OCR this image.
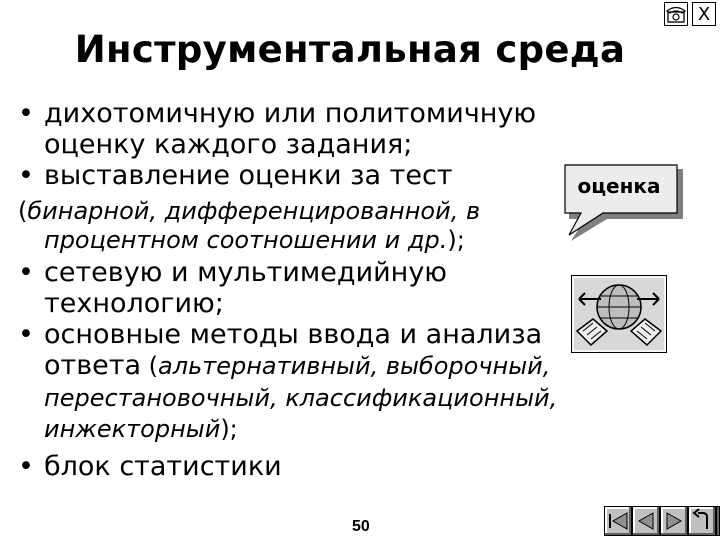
X
Инструментальная среда

• дихотомичную или политомичную
оценку каждого задания;

• выставление оценки за тест

(бинарной, дифференцированной, в
процентном соотношении и др.);

• сетевую и мультимедийную
технологию;

• основные методы ввода и анализа
ответа (альтернативный, выборочный,
перестановочный, классификационный,
инжекторный);

• блок статистики

оценка
50
